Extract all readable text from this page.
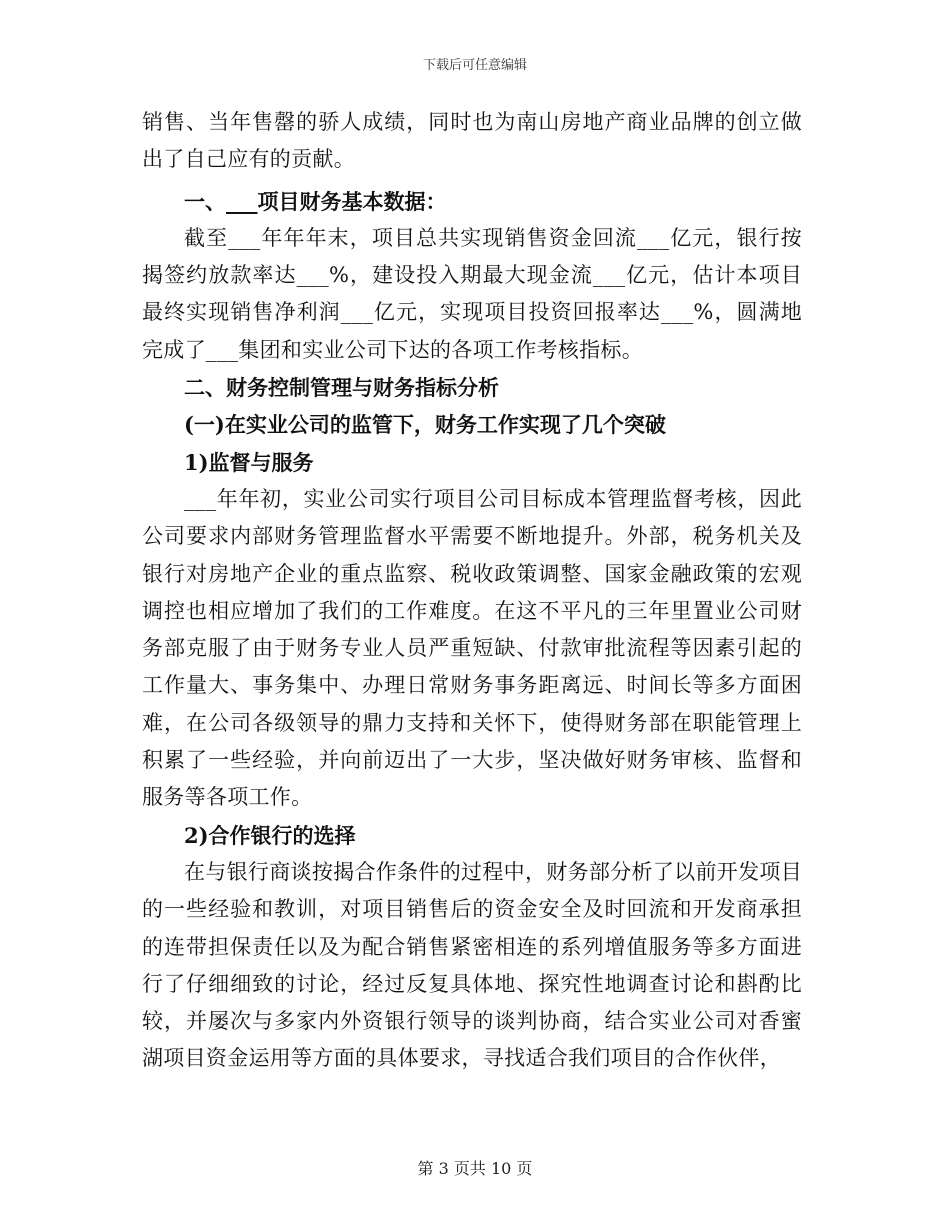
下载后可任意编辑

销售、当年售罄的骄人成绩，同时也为南山房地产商业品牌的创立做出了自己应有的贡献。

一、___项目财务基本数据：

截至___年年年末，项目总共实现销售资金回流___亿元，银行按揭签约放款率达___%，建设投入期最大现金流___亿元，估计本项目最终实现销售净利润___亿元，实现项目投资回报率达___%，圆满地完成了___集团和实业公司下达的各项工作考核指标。

二、财务控制管理与财务指标分析

(一)在实业公司的监管下，财务工作实现了几个突破

1)监督与服务

___年年初，实业公司实行项目公司目标成本管理监督考核，因此公司要求内部财务管理监督水平需要不断地提升。外部，税务机关及银行对房地产企业的重点监察、税收政策调整、国家金融政策的宏观调控也相应增加了我们的工作难度。在这不平凡的三年里置业公司财务部克服了由于财务专业人员严重短缺、付款审批流程等因素引起的工作量大、事务集中、办理日常财务事务距离远、时间长等多方面困难，在公司各级领导的鼎力支持和关怀下，使得财务部在职能管理上积累了一些经验，并向前迈出了一大步，坚决做好财务审核、监督和服务等各项工作。

2)合作银行的选择

在与银行商谈按揭合作条件的过程中，财务部分析了以前开发项目的一些经验和教训，对项目销售后的资金安全及时回流和开发商承担的连带担保责任以及为配合销售紧密相连的系列增值服务等多方面进行了仔细细致的讨论，经过反复具体地、探究性地调查讨论和斟酌比较，并屡次与多家内外资银行领导的谈判协商，结合实业公司对香蜜湖项目资金运用等方面的具体要求，寻找适合我们项目的合作伙伴，

第 3 页共 10 页
